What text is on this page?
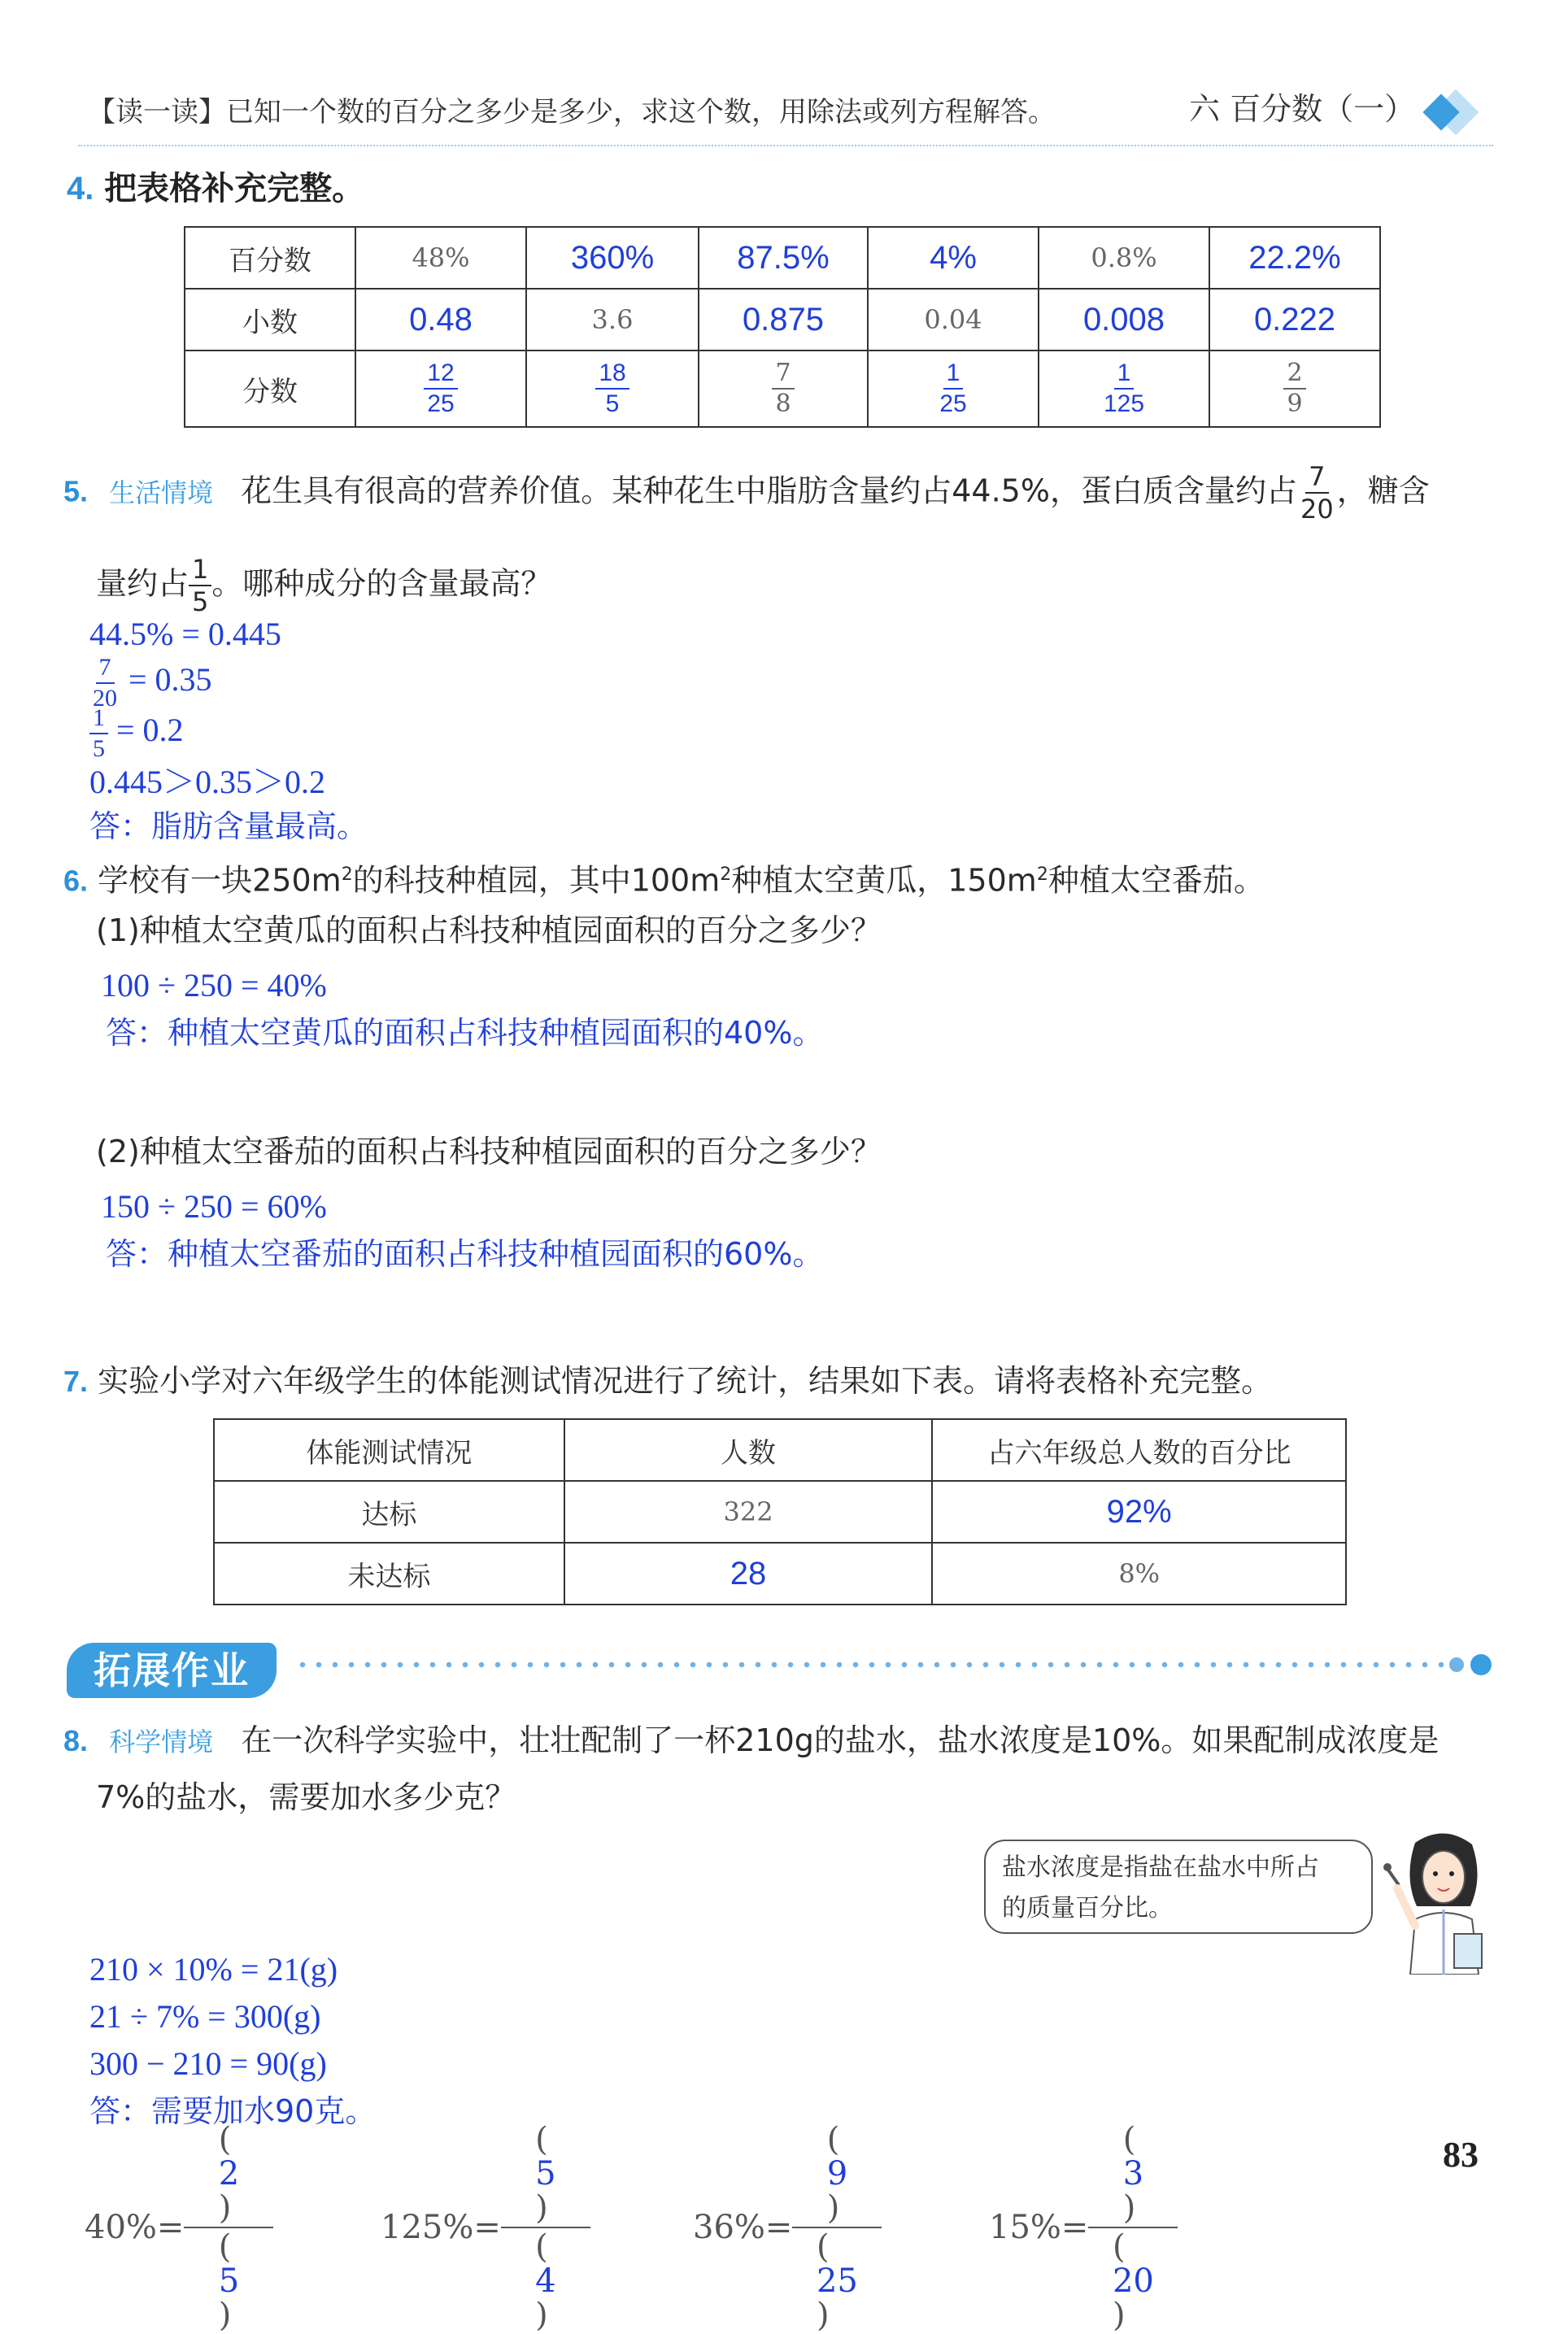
【读一读】已知一个数的百分之多少是多少，求这个数，用除法或列方程解答。	六 百分数（一）
4. 把表格补充完整。
百分数	48%	360%	87.5%	4%	0.8%	22.2%
小数	0.48	3.6	0.875	0.04	0.008	0.222
分数	$\frac{12}{25}$	$\frac{18}{5}$	$\frac{7}{8}$	$\frac{1}{25}$	$\frac{1}{125}$	$\frac{2}{9}$
5. 生活情境 花生具有很高的营养价值。某种花生中脂肪含量约占44.5%，蛋白质含量约占 $\frac{7}{20}$ ，糖含
量约占 $\frac{1}{5}$ 。哪种成分的含量最高？
44.5% = 0.445
$\frac{7}{20} = 0.35$
$\frac{1}{5} = 0.2$
0.445＞0.35＞0.2
答：脂肪含量最高。
6. 学校有一块$250m^2$的科技种植园，其中$100m^2$种植太空黄瓜，$150m^2$种植太空番茄。
(1)种植太空黄瓜的面积占科技种植园面积的百分之多少？
100 ÷ 250 = 40%
答：种植太空黄瓜的面积占科技种植园面积的40%。
(2)种植太空番茄的面积占科技种植园面积的百分之多少？
150 ÷ 250 = 60%
答：种植太空番茄的面积占科技种植园面积的60%。
7. 实验小学对六年级学生的体能测试情况进行了统计，结果如下表。请将表格补充完整。
体能测试情况	人数	占六年级总人数的百分比
达标	322	92%
未达标	28	8%
拓展作业
8. 科学情境 在一次科学实验中，壮壮配制了一杯210g的盐水，盐水浓度是10%。如果配制成浓度是
7%的盐水，需要加水多少克？
盐水浓度是指盐在盐水中所占
的质量百分比。
210 × 10% = 21(g)
21 ÷ 7% = 300(g)
300 − 210 = 90(g)
答：需要加水90克。
40%= (
2
)
(
5
)	125%= (
5
)
(
4
)	36%= (
9
)
(
25
)	15%= (
3
)
(
20
)	83
